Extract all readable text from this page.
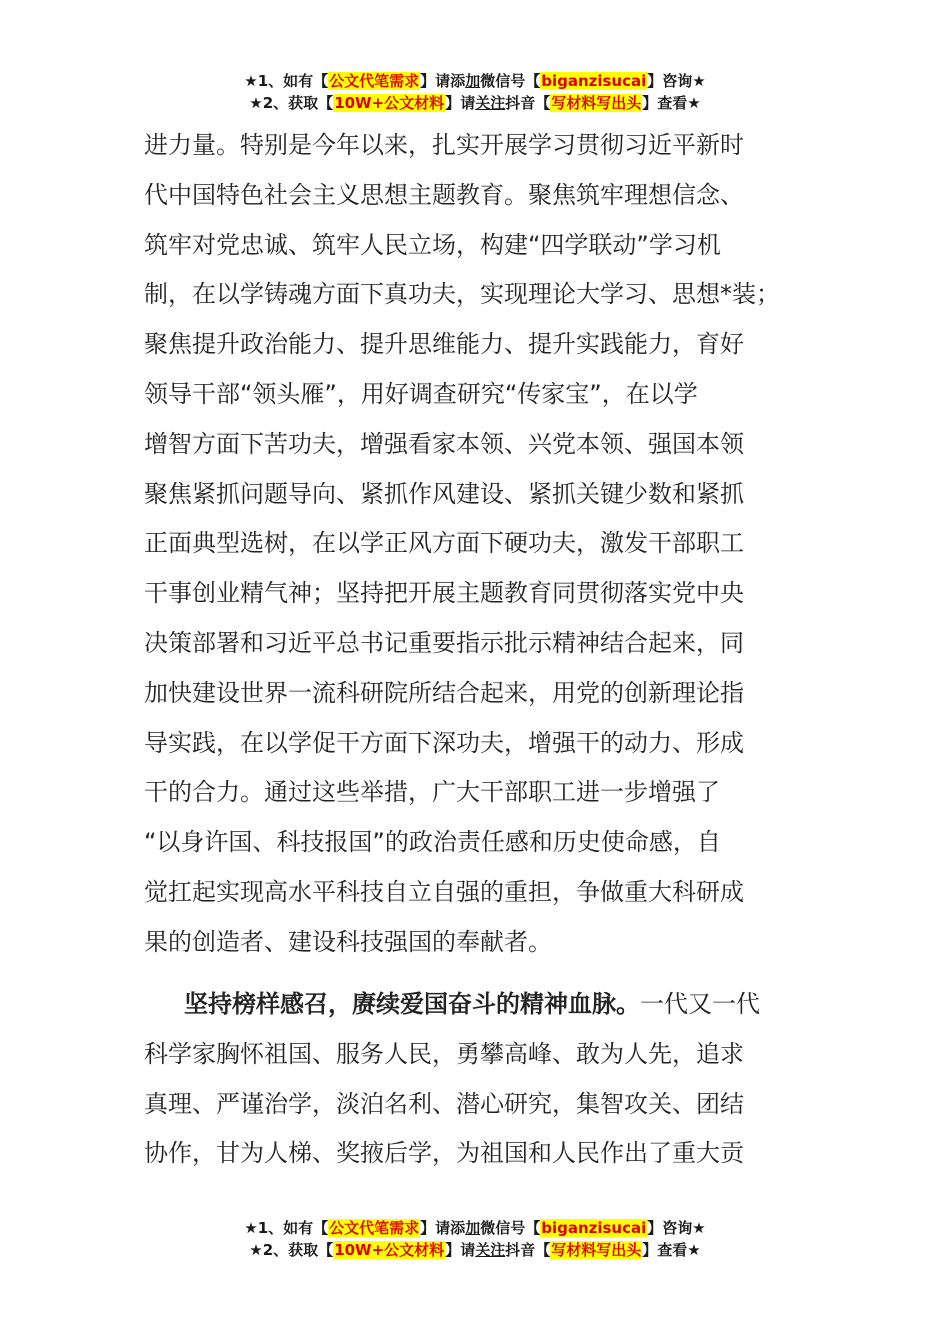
★1、如有【公文代笔需求】请添加微信号【biganzisucai】咨询★
★2、获取【10W+公文材料】请关注抖音【写材料写出头】查看★
进力量。特别是今年以来，扎实开展学习贯彻习近平新时
代中国特色社会主义思想主题教育。聚焦筑牢理想信念、
筑牢对党忠诚、筑牢人民立场，构建“四学联动”学习机
制，在以学铸魂方面下真功夫，实现理论大学习、思想*装；
聚焦提升政治能力、提升思维能力、提升实践能力，育好
领导干部“领头雁”，用好调查研究“传家宝”，在以学
增智方面下苦功夫，增强看家本领、兴党本领、强国本领
聚焦紧抓问题导向、紧抓作风建设、紧抓关键少数和紧抓
正面典型选树，在以学正风方面下硬功夫，激发干部职工
干事创业精气神；坚持把开展主题教育同贯彻落实党中央
决策部署和习近平总书记重要指示批示精神结合起来，同
加快建设世界一流科研院所结合起来，用党的创新理论指
导实践，在以学促干方面下深功夫，增强干的动力、形成
干的合力。通过这些举措，广大干部职工进一步增强了
“以身许国、科技报国”的政治责任感和历史使命感，自
觉扛起实现高水平科技自立自强的重担，争做重大科研成
果的创造者、建设科技强国的奉献者。
坚持榜样感召，赓续爱国奋斗的精神血脉。一代又一代
科学家胸怀祖国、服务人民，勇攀高峰、敢为人先，追求
真理、严谨治学，淡泊名利、潜心研究，集智攻关、团结
协作，甘为人梯、奖掖后学，为祖国和人民作出了重大贡
★1、如有【公文代笔需求】请添加微信号【biganzisucai】咨询★
★2、获取【10W+公文材料】请关注抖音【写材料写出头】查看★
